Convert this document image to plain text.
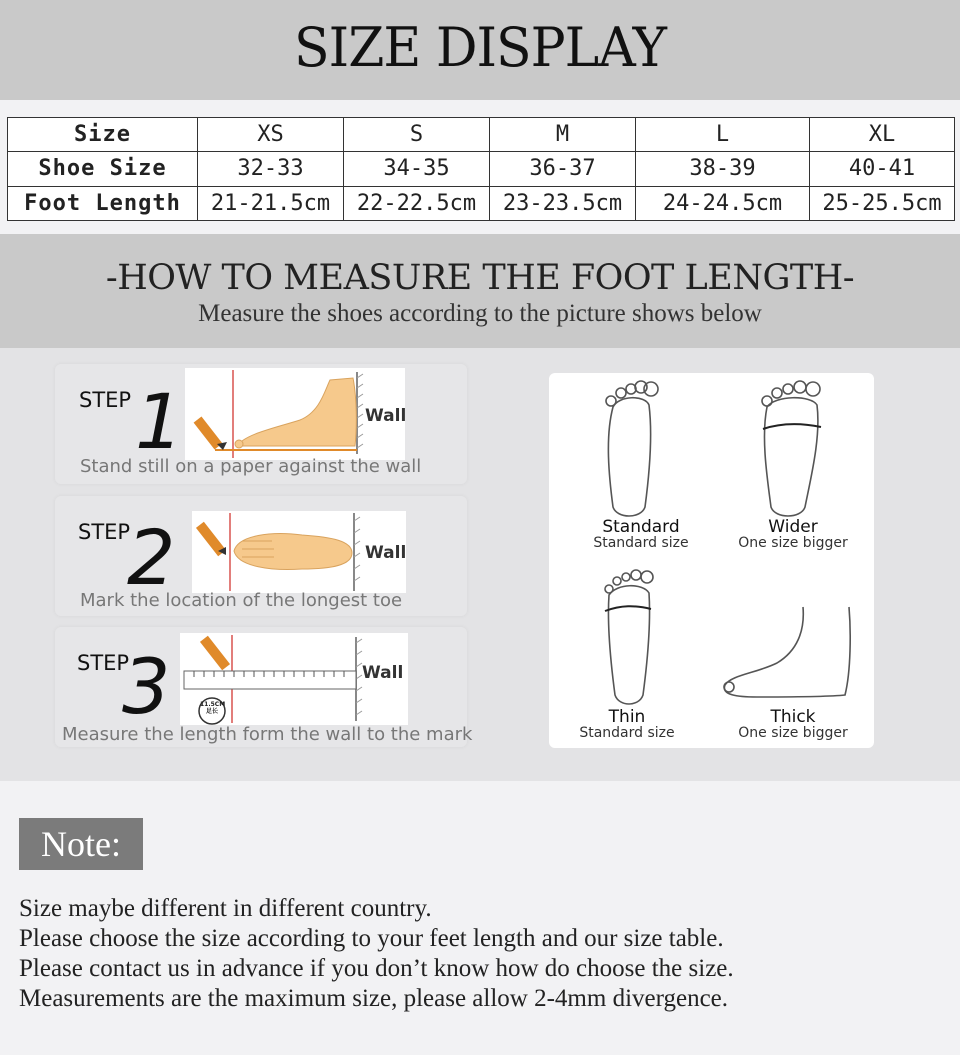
SIZE DISPLAY
Size	XS	S	M	L	XL
Shoe Size	32-33	34-35	36-37	38-39	40-41
Foot Length	21-21.5cm	22-22.5cm	23-23.5cm	24-24.5cm	25-25.5cm
-HOW TO MEASURE THE FOOT LENGTH-

Measure the shoes according to the picture shows below

STEP 1	Wall
Stand still on a paper against the wall
STEP
2	Wall
Mark the location of the longest toe
STEP
3	11.5CM
足长
Wall
Measure the length form the wall to the mark
Standard
Standard size
Wider
One size bigger
Thin
Standard size
Thick
One size bigger
Note:
Size maybe different in different country.
Please choose the size according to your feet length and our size table.
Please contact us in advance if you don’t know how do choose the size.
Measurements are the maximum size, please allow 2-4mm divergence.
